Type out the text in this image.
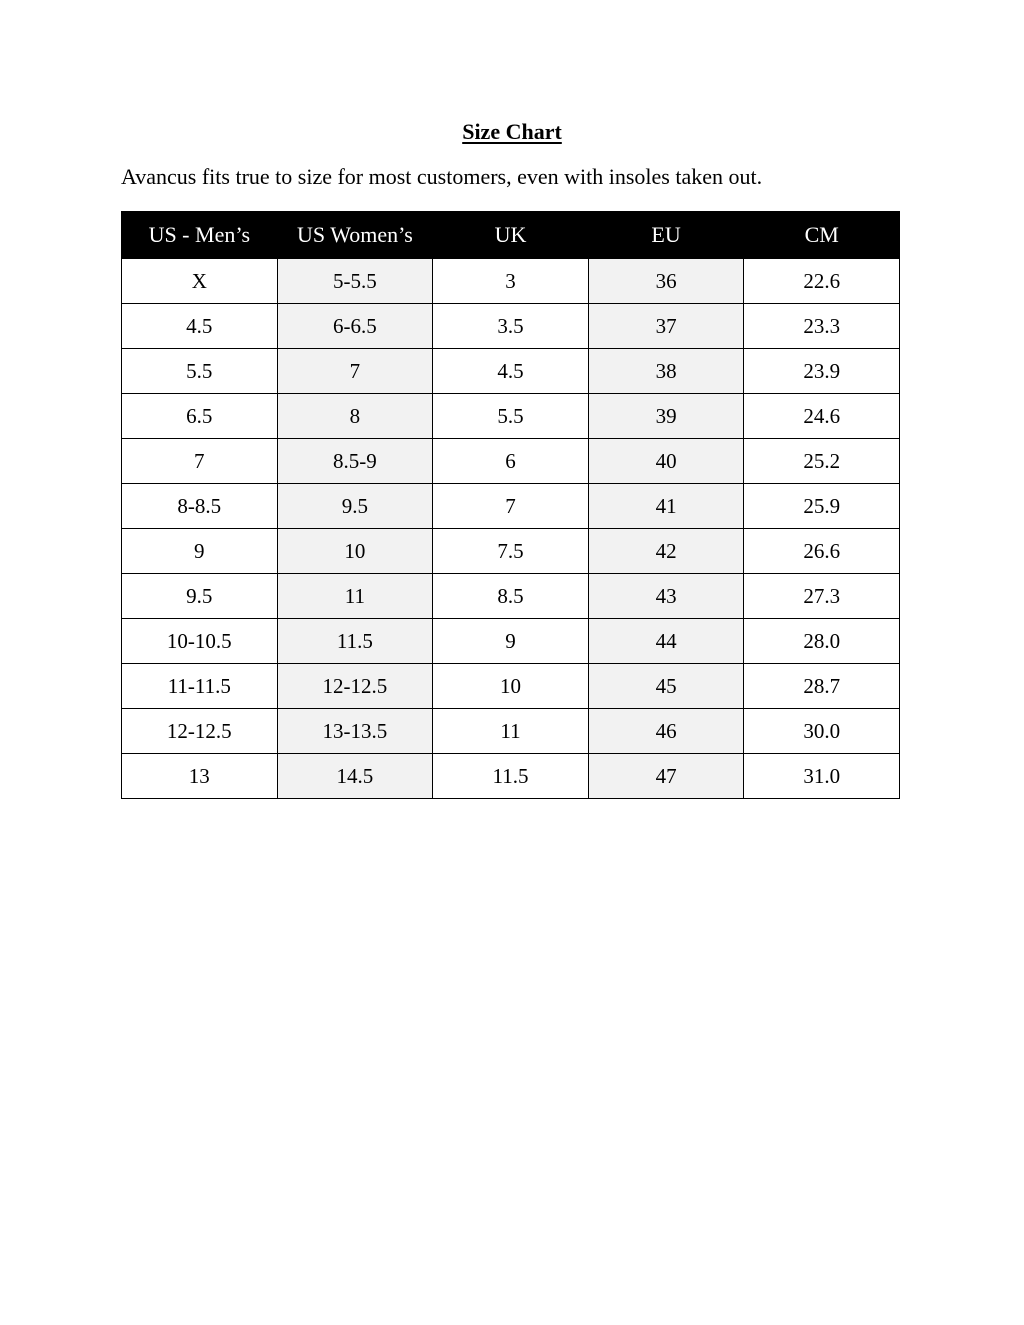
Size Chart
Avancus fits true to size for most customers, even with insoles taken out.
US - Men’s	US Women’s	UK	EU	CM
X	5-5.5	3	36	22.6
4.5	6-6.5	3.5	37	23.3
5.5	7	4.5	38	23.9
6.5	8	5.5	39	24.6
7	8.5-9	6	40	25.2
8-8.5	9.5	7	41	25.9
9	10	7.5	42	26.6
9.5	11	8.5	43	27.3
10-10.5	11.5	9	44	28.0
11-11.5	12-12.5	10	45	28.7
12-12.5	13-13.5	11	46	30.0
13	14.5	11.5	47	31.0
